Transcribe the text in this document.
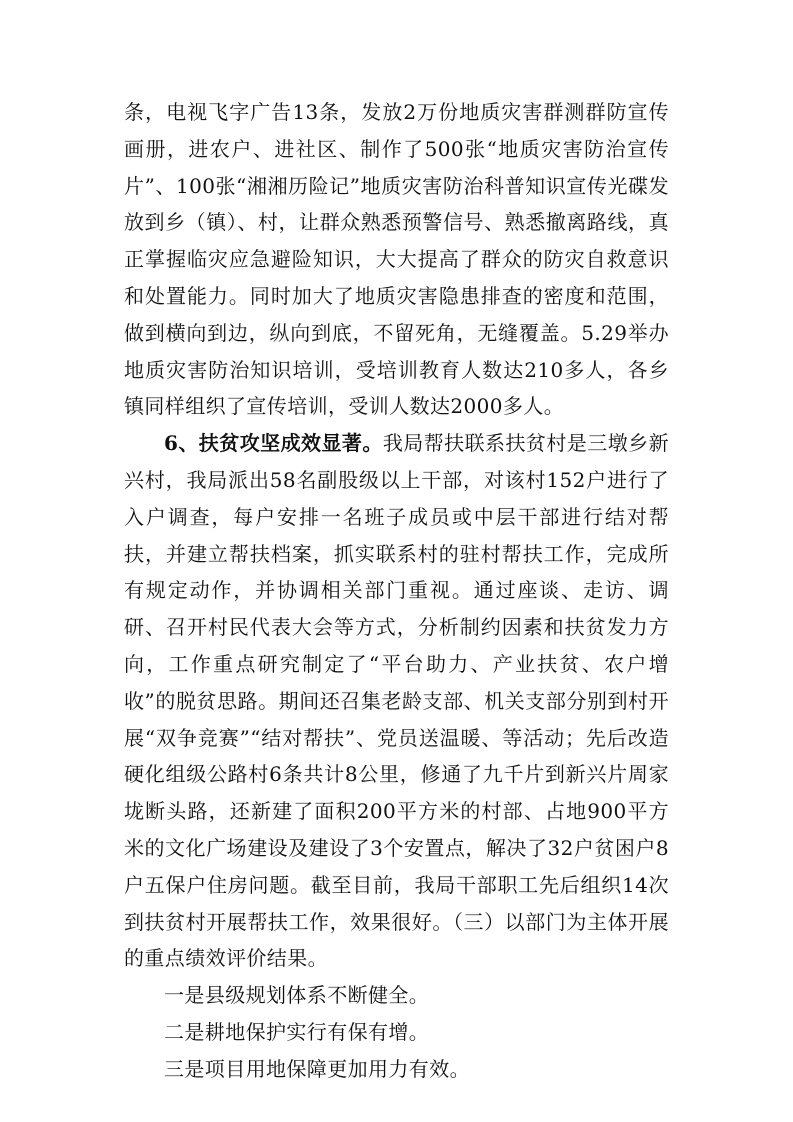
条，电视飞字广告13条，发放2万份地质灾害群测群防宣传画册，进农户、进社区、制作了500张“地质灾害防治宣传片”、100张“湘湘历险记”地质灾害防治科普知识宣传光碟发放到乡（镇）、村，让群众熟悉预警信号、熟悉撤离路线，真正掌握临灾应急避险知识，大大提高了群众的防灾自救意识和处置能力。同时加大了地质灾害隐患排查的密度和范围，做到横向到边，纵向到底，不留死角，无缝覆盖。5.29举办地质灾害防治知识培训，受培训教育人数达210多人，各乡镇同样组织了宣传培训，受训人数达2000多人。

6、扶贫攻坚成效显著。我局帮扶联系扶贫村是三墩乡新兴村，我局派出58名副股级以上干部，对该村152户进行了入户调查，每户安排一名班子成员或中层干部进行结对帮扶，并建立帮扶档案，抓实联系村的驻村帮扶工作，完成所有规定动作，并协调相关部门重视。通过座谈、走访、调研、召开村民代表大会等方式，分析制约因素和扶贫发力方向，工作重点研究制定了“平台助力、产业扶贫、农户增收”的脱贫思路。期间还召集老龄支部、机关支部分别到村开展“双争竞赛”“结对帮扶”、党员送温暖、等活动；先后改造硬化组级公路村6条共计8公里，修通了九千片到新兴片周家垅断头路，还新建了面积200平方米的村部、占地900平方米的文化广场建设及建设了3个安置点，解决了32户贫困户8户五保户住房问题。截至目前，我局干部职工先后组织14次到扶贫村开展帮扶工作，效果很好。（三）以部门为主体开展的重点绩效评价结果。

一是县级规划体系不断健全。

二是耕地保护实行有保有增。

三是项目用地保障更加用力有效。
